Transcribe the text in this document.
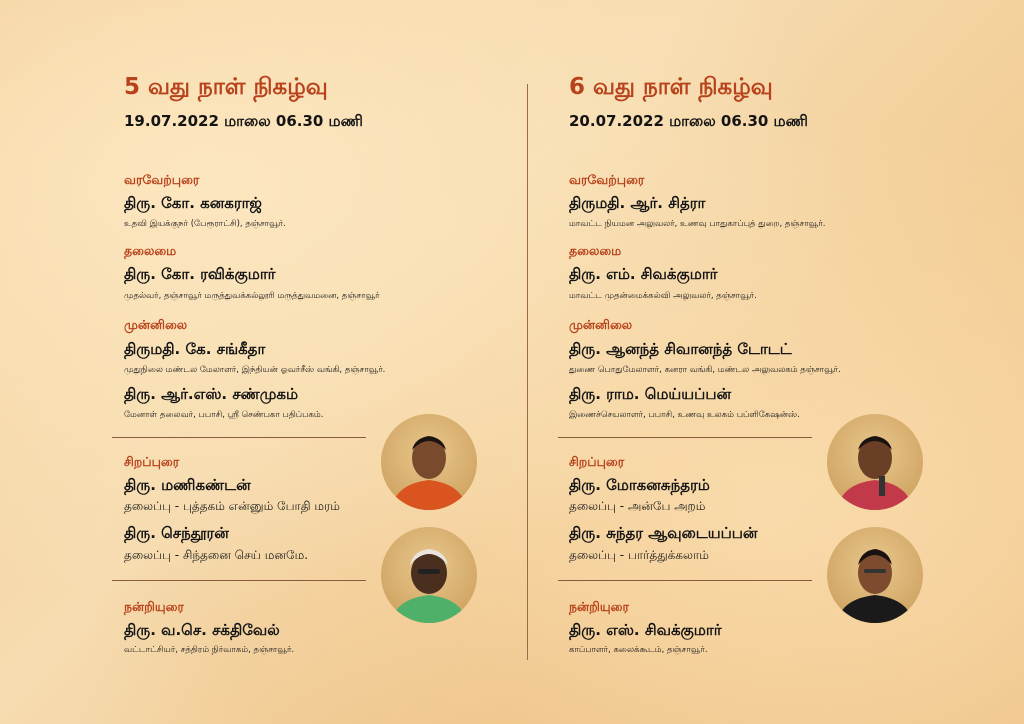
5 வது நாள் நிகழ்வு
19.07.2022 மாலை 06.30 மணி
வரவேற்புரை
திரு. கோ. கனகராஜ்
உதவி இயக்குநர் (பேரூராட்சி), தஞ்சாவூர்.
தலைமை
திரு. கோ. ரவிக்குமார்
முதல்வர், தஞ்சாவூர் மருத்துவக்கல்லூரி மருத்துவமனை, தஞ்சாவூர்
முன்னிலை
திருமதி. கே. சங்கீதா
முதுநிலை மண்டல மேலாளர், இந்தியன் ஓவர்சீஸ் வங்கி, தஞ்சாவூர்.
திரு. ஆர்.எஸ். சண்முகம்
மேனாள் தலைவர், பபாசி, ஸ்ரீ செண்பகா பதிப்பகம்.
சிறப்புரை
திரு. மணிகண்டன்
தலைப்பு - புத்தகம் என்னும் போதி மரம்
திரு. செந்தூரன்
தலைப்பு - சிந்தனை செய் மனமே.
நன்றியுரை
திரு. வ.செ. சக்திவேல்
வட்டாட்சியர், சத்திரம் நிர்வாகம், தஞ்சாவூர்.
6 வது நாள் நிகழ்வு
20.07.2022 மாலை 06.30 மணி
வரவேற்புரை
திருமதி. ஆர். சித்ரா
மாவட்ட நியமன அலுவலர், உணவு பாதுகாப்புத் துறை, தஞ்சாவூர்.
தலைமை
திரு. எம். சிவக்குமார்
மாவட்ட முதன்மைக்கல்வி அலுவலர், தஞ்சாவூர்.
முன்னிலை
திரு. ஆனந்த் சிவானந்த் டோடட்
துணை பொதுமேலாளர், கனரா வங்கி, மண்டல அலுவலகம் தஞ்சாவூர்.
திரு. ராம. மெய்யப்பன்
இணைச்செயலாளர், பபாசி, உணவு உலகம் பப்ளிகேஷன்ஸ்.
சிறப்புரை
திரு. மோகனசுந்தரம்
தலைப்பு - அன்பே அறம்
திரு. சுந்தர ஆவுடையப்பன்
தலைப்பு - பார்த்துக்கலாம்
நன்றியுரை
திரு. எஸ். சிவக்குமார்
காப்பாளர், கலைக்கூடம், தஞ்சாவூர்.
